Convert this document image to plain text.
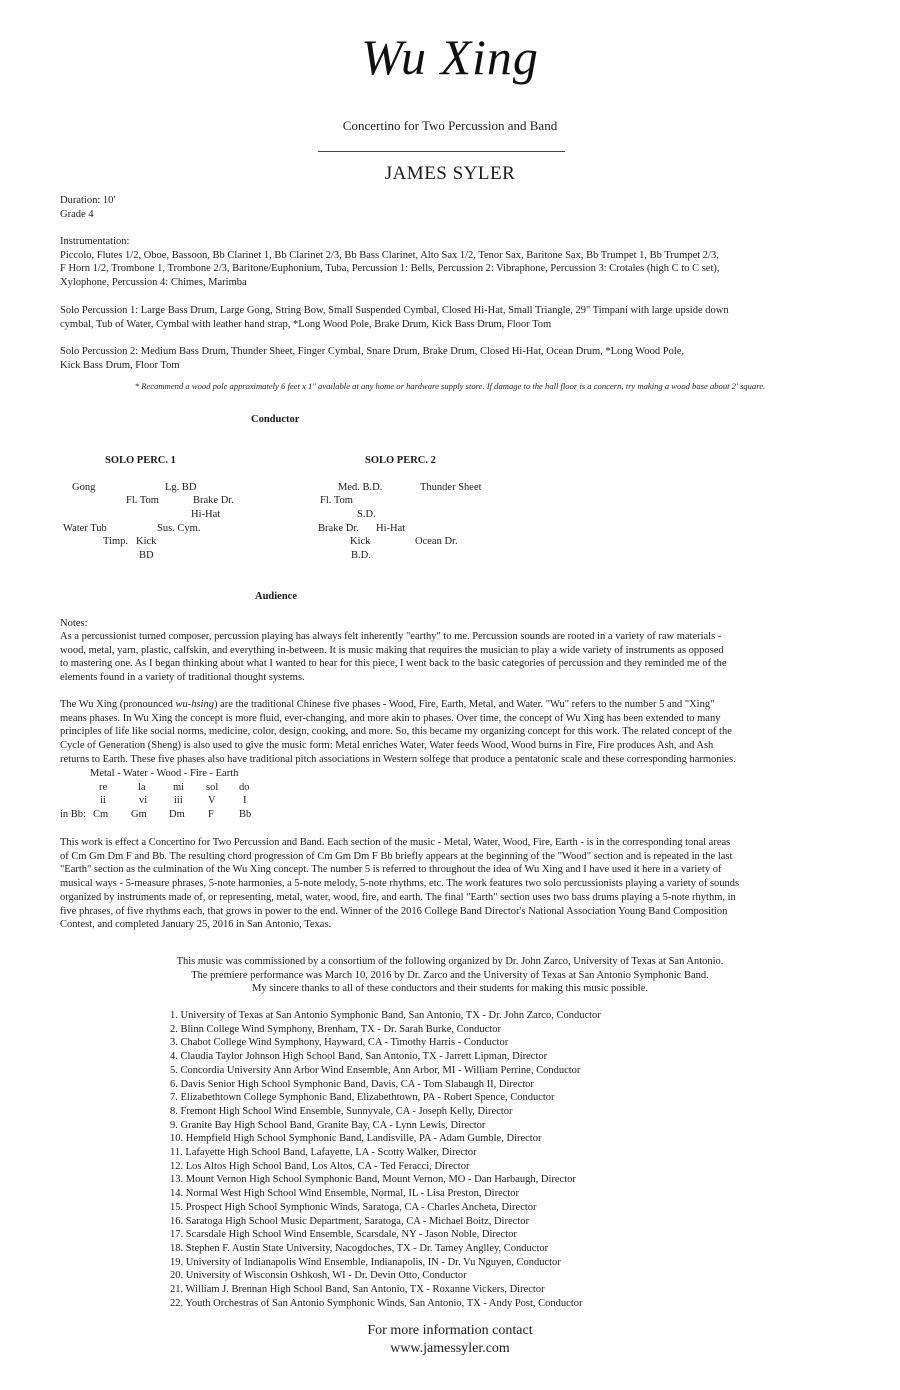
Wu Xing
Concertino for Two Percussion and Band
JAMES SYLER
Duration: 10'
Grade 4
Instrumentation:
Piccolo, Flutes 1/2, Oboe, Bassoon, Bb Clarinet 1, Bb Clarinet 2/3, Bb Bass Clarinet, Alto Sax 1/2, Tenor Sax, Baritone Sax, Bb Trumpet 1, Bb Trumpet 2/3,
F Horn 1/2, Trombone 1, Trombone 2/3, Baritone/Euphonium, Tuba, Percussion 1: Bells, Percussion 2: Vibraphone, Percussion 3: Crotales (high C to C set),
Xylophone, Percussion 4: Chimes, Marimba
Solo Percussion 1: Large Bass Drum, Large Gong, String Bow, Small Suspended Cymbal, Closed Hi-Hat, Small Triangle, 29" Timpani with large upside down
cymbal, Tub of Water, Cymbal with leather hand strap, *Long Wood Pole, Brake Drum, Kick Bass Drum, Floor Tom
Solo Percussion 2: Medium Bass Drum, Thunder Sheet, Finger Cymbal, Snare Drum, Brake Drum, Closed Hi-Hat, Ocean Drum, *Long Wood Pole,
Kick Bass Drum, Floor Tom
* Recommend a wood pole approximately 6 feet x 1" available at any home or hardware supply store. If damage to the hall floor is a concern, try making a wood base about 2' square.
Conductor
SOLO PERC. 1
Gong	Lg. BD
Fl. Tom	Brake Dr.
Hi-Hat
Water Tub	Sus. Cym.
Timp. Kick
BD
SOLO PERC. 2
Med. B.D.	Thunder Sheet
Fl. Tom
S.D.
Brake Dr. Hi-Hat
Kick	Ocean Dr.
B.D.
Audience
Notes:
As a percussionist turned composer, percussion playing has always felt inherently "earthy" to me. Percussion sounds are rooted in a variety of raw materials -
wood, metal, yarn, plastic, calfskin, and everything in-between. It is music making that requires the musician to play a wide variety of instruments as opposed
to mastering one. As I began thinking about what I wanted to hear for this piece, I went back to the basic categories of percussion and they reminded me of the
elements found in a variety of traditional thought systems.
The Wu Xing (pronounced wu-hsing) are the traditional Chinese five phases - Wood, Fire, Earth, Metal, and Water. "Wu" refers to the number 5 and "Xing"
means phases. In Wu Xing the concept is more fluid, ever-changing, and more akin to phases. Over time, the concept of Wu Xing has been extended to many
principles of life like social norms, medicine, color, design, cooking, and more. So, this became my organizing concept for this work. The related concept of the
Cycle of Generation (Sheng) is also used to give the music form: Metal enriches Water, Water feeds Wood, Wood burns in Fire, Fire produces Ash, and Ash
returns to Earth. These five phases also have traditional pitch associations in Western solfege that produce a pentatonic scale and these corresponding harmonies.
Metal - Water - Wood - Fire - Earth
re	la	mi sol do
ii	vi	iii V	I
in Bb: Cm Gm Dm F Bb
This work is effect a Concertino for Two Percussion and Band. Each section of the music - Metal, Water, Wood, Fire, Earth - is in the corresponding tonal areas
of Cm Gm Dm F and Bb. The resulting chord progression of Cm Gm Dm F Bb briefly appears at the beginning of the "Wood" section and is repeated in the last
"Earth" section as the culmination of the Wu Xing concept. The number 5 is referred to throughout the idea of Wu Xing and I have used it here in a variety of
musical ways - 5-measure phrases, 5-note harmonies, a 5-note melody, 5-note rhythms, etc. The work features two solo percussionists playing a variety of sounds
organized by instruments made of, or representing, metal, water, wood, fire, and earth. The final "Earth" section uses two bass drums playing a 5-note rhythm, in
five phrases, of five rhythms each, that grows in power to the end. Winner of the 2016 College Band Director's National Association Young Band Composition
Contest, and completed January 25, 2016 in San Antonio, Texas.
This music was commissioned by a consortium of the following organized by Dr. John Zarco, University of Texas at San Antonio.
The premiere performance was March 10, 2016 by Dr. Zarco and the University of Texas at San Antonio Symphonic Band.
My sincere thanks to all of these conductors and their students for making this music possible.
1. University of Texas at San Antonio Symphonic Band, San Antonio, TX - Dr. John Zarco, Conductor
2. Blinn College Wind Symphony, Brenham, TX - Dr. Sarah Burke, Conductor
3. Chabot College Wind Symphony, Hayward, CA - Timothy Harris - Conductor
4. Claudia Taylor Johnson High School Band, San Antonio, TX - Jarrett Lipman, Director
5. Concordia University Ann Arbor Wind Ensemble, Ann Arbor, MI - William Perrine, Conductor
6. Davis Senior High School Symphonic Band, Davis, CA - Tom Slabaugh II, Director
7. Elizabethtown College Symphonic Band, Elizabethtown, PA - Robert Spence, Conductor
8. Fremont High School Wind Ensemble, Sunnyvale, CA - Joseph Kelly, Director
9. Granite Bay High School Band, Granite Bay, CA - Lynn Lewis, Director
10. Hempfield High School Symphonic Band, Landisville, PA - Adam Gumble, Director
11. Lafayette High School Band, Lafayette, LA - Scotty Walker, Director
12. Los Altos High School Band, Los Altos, CA - Ted Feracci, Director
13. Mount Vernon High School Symphonic Band, Mount Vernon, MO - Dan Harbaugh, Director
14. Normal West High School Wind Ensemble, Normal, IL - Lisa Preston, Director
15. Prospect High School Symphonic Winds, Saratoga, CA - Charles Ancheta, Director
16. Saratoga High School Music Department, Saratoga, CA - Michael Boitz, Director
17. Scarsdale High School Wind Ensemble, Scarsdale, NY - Jason Noble, Director
18. Stephen F. Austin State University, Nacogdoches, TX - Dr. Tamey Anglley, Conductor
19. University of Indianapolis Wind Ensemble, Indianapolis, IN - Dr. Vu Nguyen, Conductor
20. University of Wisconsin Oshkosh, WI - Dr. Devin Otto, Conductor
21. William J. Brennan High School Band, San Antonio, TX - Roxanne Vickers, Director
22. Youth Orchestras of San Antonio Symphonic Winds, San Antonio, TX - Andy Post, Conductor
For more information contact
www.jamessyler.com
